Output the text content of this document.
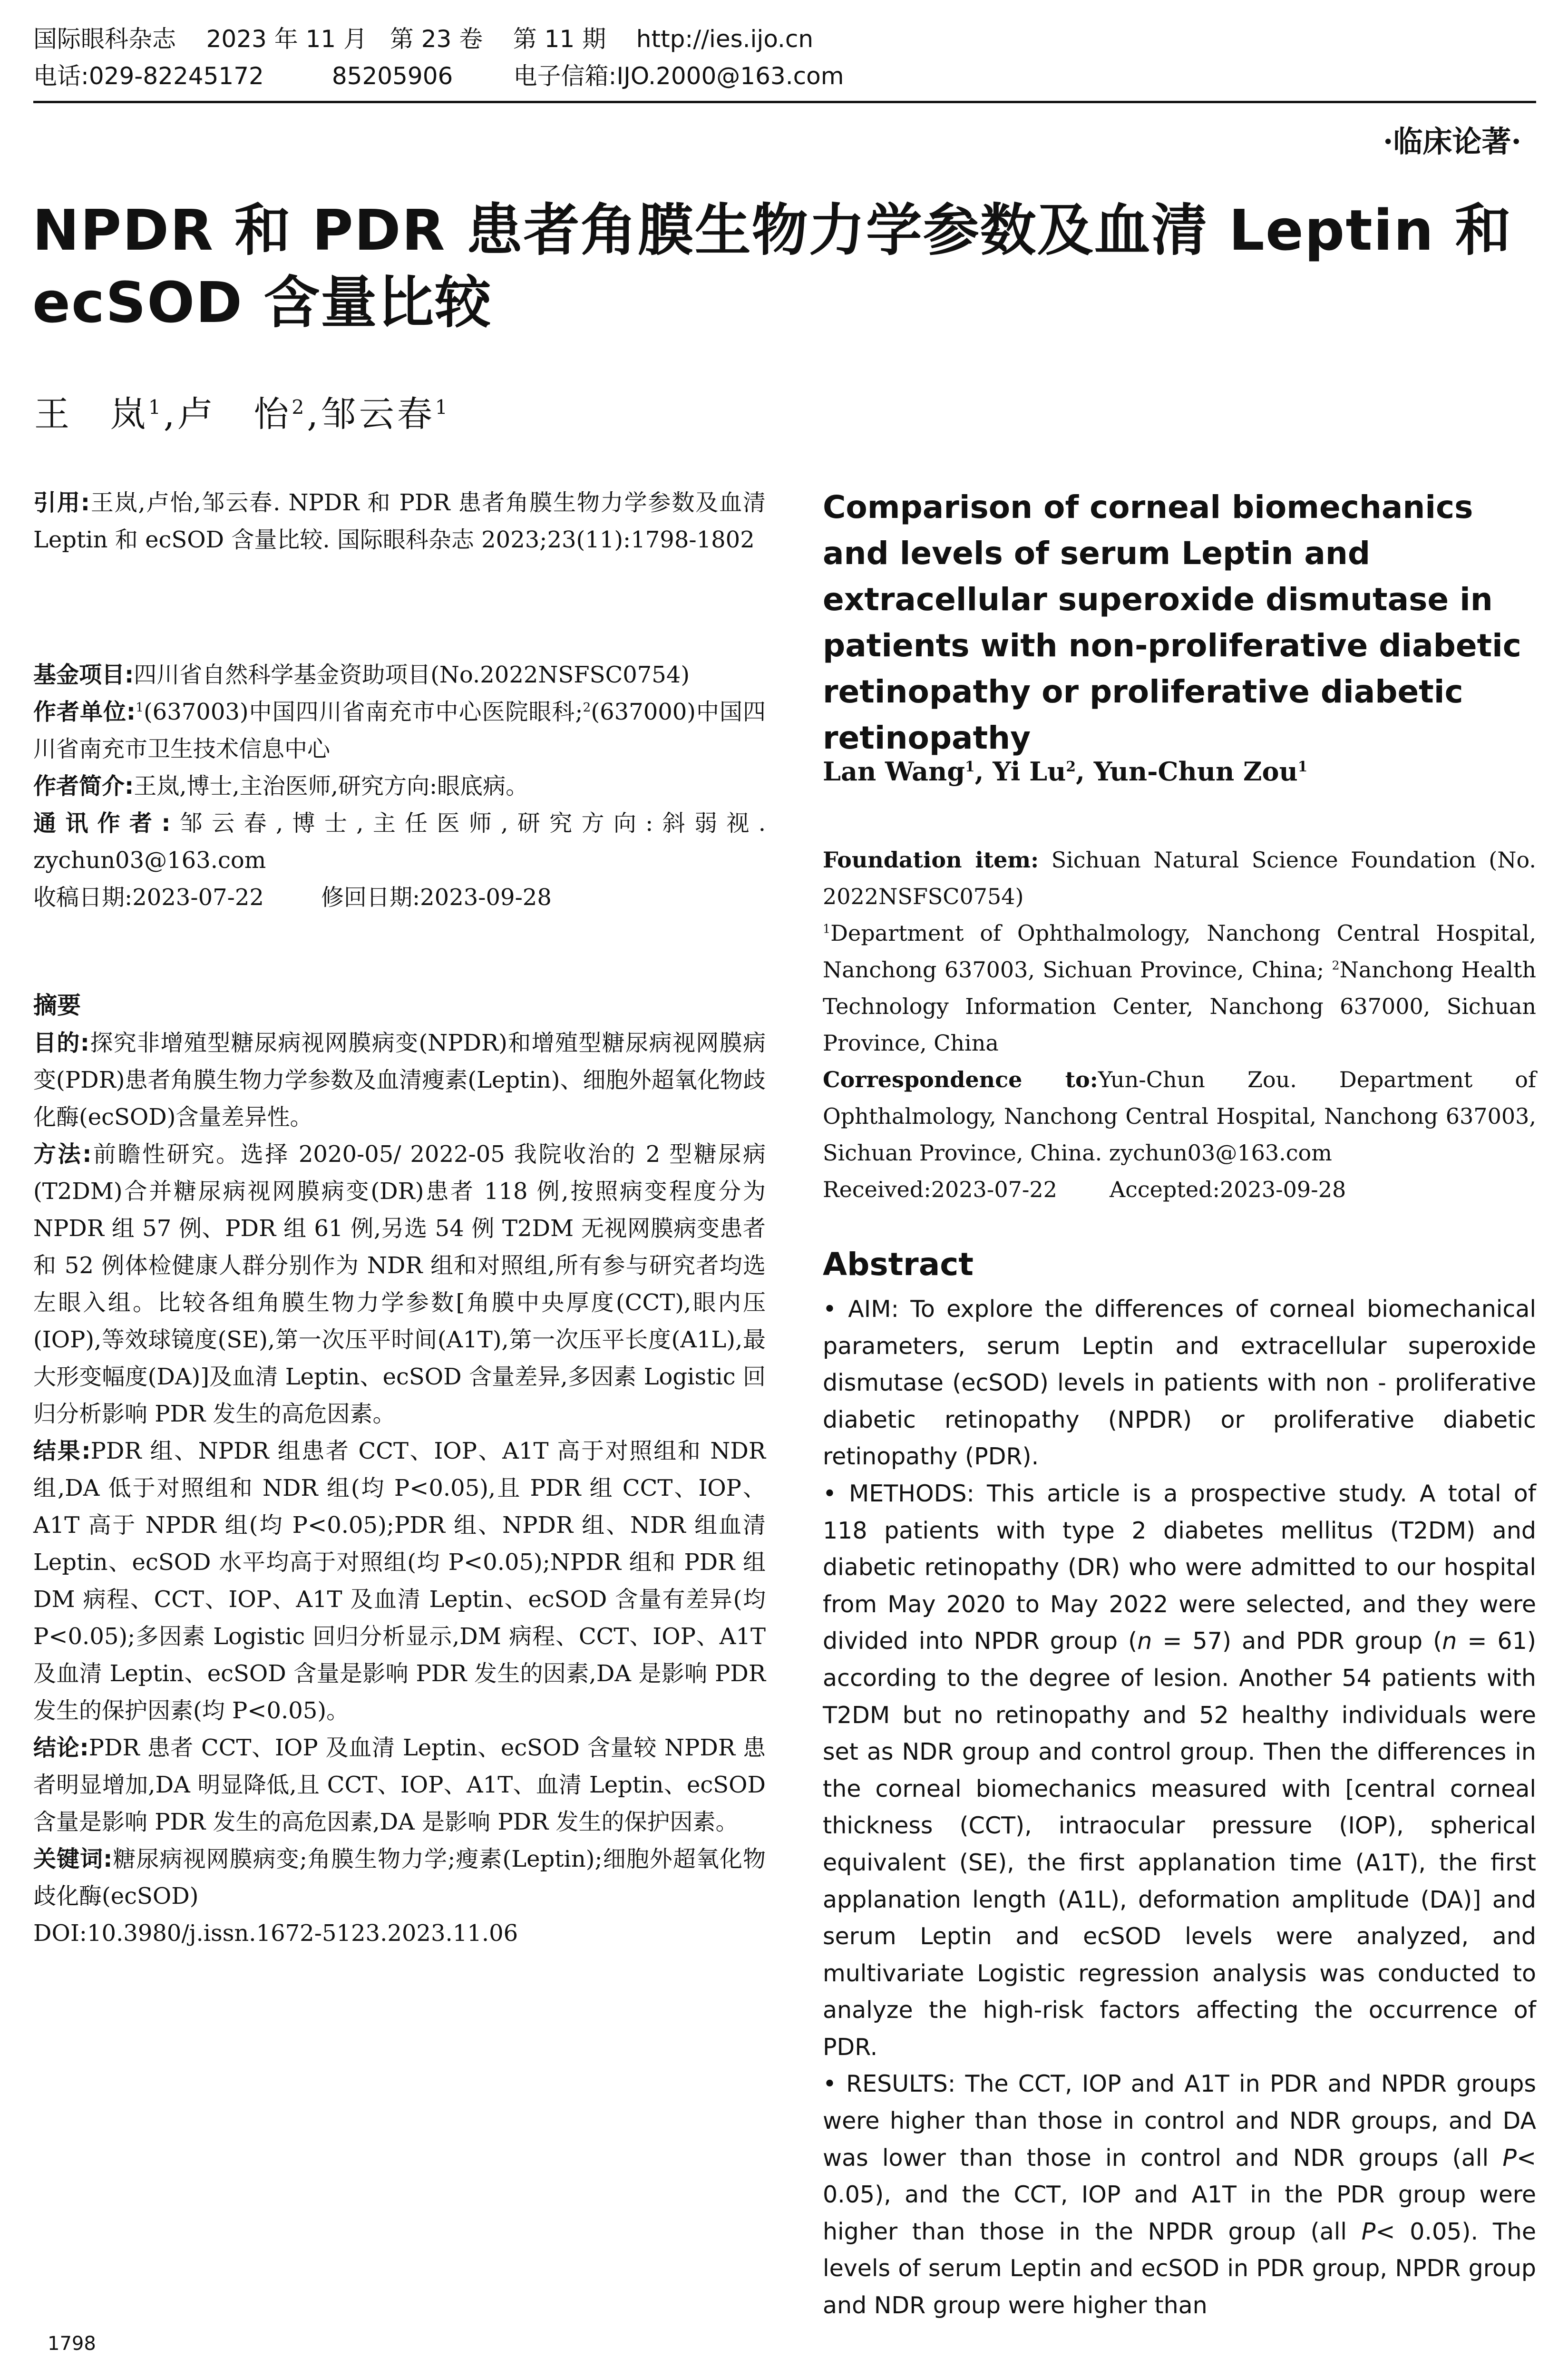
国际眼科杂志    2023 年 11 月   第 23 卷    第 11 期    http://ies.ijo.cn
电话:029-82245172         85205906        电子信箱:IJO.2000@163.com
·临床论著·
NPDR 和 PDR 患者角膜生物力学参数及血清 Leptin 和 ecSOD 含量比较
王　岚$^1$,卢　怡$^2$,邹云春$^1$

引用:王岚,卢怡,邹云春. NPDR 和 PDR 患者角膜生物力学参数及血清 Leptin 和 ecSOD 含量比较. 国际眼科杂志 2023;23(11):1798-1802

基金项目:四川省自然科学基金资助项目(No.2022NSFSC0754)

作者单位:$^1$(637003)中国四川省南充市中心医院眼科;$^2$(637000)中国四川省南充市卫生技术信息中心

作者简介:王岚,博士,主治医师,研究方向:眼底病。

通讯作者:邹云春,博士,主任医师,研究方向:斜弱视. zychun03@163.com

收稿日期:2023-07-22	修回日期:2023-09-28

摘要

目的:探究非增殖型糖尿病视网膜病变(NPDR)和增殖型糖尿病视网膜病变(PDR)患者角膜生物力学参数及血清瘦素(Leptin)、细胞外超氧化物歧化酶(ecSOD)含量差异性。

方法:前瞻性研究。选择 2020-05/ 2022-05 我院收治的 2 型糖尿病(T2DM)合并糖尿病视网膜病变(DR)患者 118 例,按照病变程度分为 NPDR 组 57 例、PDR 组 61 例,另选 54 例 T2DM 无视网膜病变患者和 52 例体检健康人群分别作为 NDR 组和对照组,所有参与研究者均选左眼入组。比较各组角膜生物力学参数[角膜中央厚度(CCT),眼内压(IOP),等效球镜度(SE),第一次压平时间(A1T),第一次压平长度(A1L),最大形变幅度(DA)]及血清 Leptin、ecSOD 含量差异,多因素 Logistic 回归分析影响 PDR 发生的高危因素。

结果:PDR 组、NPDR 组患者 CCT、IOP、A1T 高于对照组和 NDR 组,DA 低于对照组和 NDR 组(均 P<0.05),且 PDR 组 CCT、IOP、A1T 高于 NPDR 组(均 P<0.05);PDR 组、NPDR 组、NDR 组血清 Leptin、ecSOD 水平均高于对照组(均 P<0.05);NPDR 组和 PDR 组 DM 病程、CCT、IOP、A1T 及血清 Leptin、ecSOD 含量有差异(均 P<0.05);多因素 Logistic 回归分析显示,DM 病程、CCT、IOP、A1T 及血清 Leptin、ecSOD 含量是影响 PDR 发生的因素,DA 是影响 PDR 发生的保护因素(均 P<0.05)。

结论:PDR 患者 CCT、IOP 及血清 Leptin、ecSOD 含量较 NPDR 患者明显增加,DA 明显降低,且 CCT、IOP、A1T、血清 Leptin、ecSOD 含量是影响 PDR 发生的高危因素,DA 是影响 PDR 发生的保护因素。

关键词:糖尿病视网膜病变;角膜生物力学;瘦素(Leptin);细胞外超氧化物歧化酶(ecSOD)

DOI:10.3980/j.issn.1672-5123.2023.11.06

Comparison of corneal biomechanics and levels of serum Leptin and extracellular superoxide dismutase in patients with non-proliferative diabetic retinopathy or proliferative diabetic retinopathy
Lan Wang$^1$, Yi Lu$^2$, Yun-Chun Zou$^1$

Foundation item: Sichuan Natural Science Foundation (No. 2022NSFSC0754)

$^1$Department of Ophthalmology, Nanchong Central Hospital, Nanchong 637003, Sichuan Province, China; $^2$Nanchong Health Technology Information Center, Nanchong 637000, Sichuan Province, China

Correspondence to:Yun-Chun Zou. Department of Ophthalmology, Nanchong Central Hospital, Nanchong 637003, Sichuan Province, China. zychun03@163.com

Received:2023-07-22 Accepted:2023-09-28

Abstract

• AIM: To explore the differences of corneal biomechanical parameters, serum Leptin and extracellular superoxide dismutase (ecSOD) levels in patients with non - proliferative diabetic retinopathy (NPDR) or proliferative diabetic retinopathy (PDR).

• METHODS: This article is a prospective study. A total of 118 patients with type 2 diabetes mellitus (T2DM) and diabetic retinopathy (DR) who were admitted to our hospital from May 2020 to May 2022 were selected, and they were divided into NPDR group (n = 57) and PDR group (n = 61) according to the degree of lesion. Another 54 patients with T2DM but no retinopathy and 52 healthy individuals were set as NDR group and control group. Then the differences in the corneal biomechanics measured with [central corneal thickness (CCT), intraocular pressure (IOP), spherical equivalent (SE), the first applanation time (A1T), the first applanation length (A1L), deformation amplitude (DA)] and serum Leptin and ecSOD levels were analyzed, and multivariate Logistic regression analysis was conducted to analyze the high-risk factors affecting the occurrence of PDR.

• RESULTS: The CCT, IOP and A1T in PDR and NPDR groups were higher than those in control and NDR groups, and DA was lower than those in control and NDR groups (all P< 0.05), and the CCT, IOP and A1T in the PDR group were higher than those in the NPDR group (all P< 0.05). The levels of serum Leptin and ecSOD in PDR group, NPDR group and NDR group were higher than

1798
